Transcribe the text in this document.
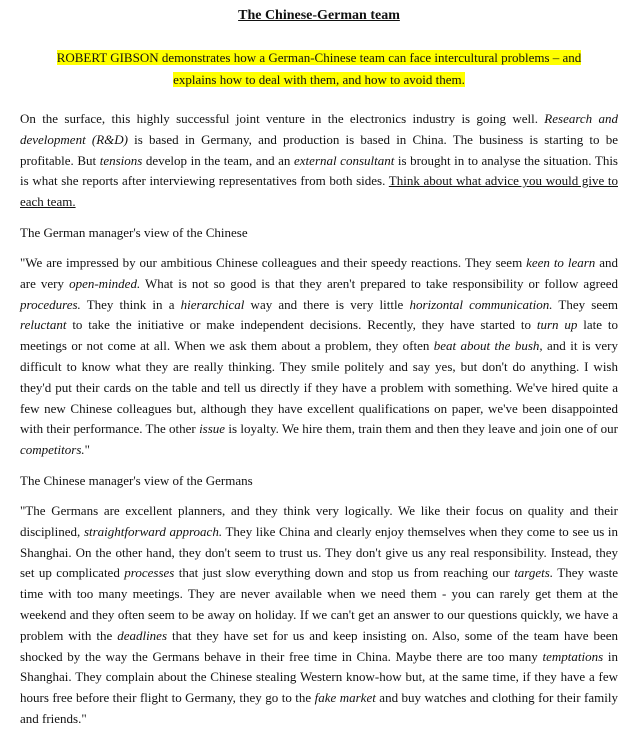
The Chinese-German team
ROBERT GIBSON demonstrates how a German-Chinese team can face intercultural problems – and
explains how to deal with them, and how to avoid them.

On the surface, this highly successful joint venture in the electronics industry is going well. Research and development (R&D) is based in Germany, and production is based in China. The business is starting to be profitable. But tensions develop in the team, and an external consultant is brought in to analyse the situation. This is what she reports after interviewing representatives from both sides. Think about what advice you would give to each team.

The German manager's view of the Chinese

"We are impressed by our ambitious Chinese colleagues and their speedy reactions. They seem keen to learn and are very open-minded. What is not so good is that they aren't prepared to take responsibility or follow agreed procedures. They think in a hierarchical way and there is very little horizontal communication. They seem reluctant to take the initiative or make independent decisions. Recently, they have started to turn up late to meetings or not come at all. When we ask them about a problem, they often beat about the bush, and it is very difficult to know what they are really thinking. They smile politely and say yes, but don't do anything. I wish they'd put their cards on the table and tell us directly if they have a problem with something. We've hired quite a few new Chinese colleagues but, although they have excellent qualifications on paper, we've been disappointed with their performance. The other issue is loyalty. We hire them, train them and then they leave and join one of our competitors."

The Chinese manager's view of the Germans

"The Germans are excellent planners, and they think very logically. We like their focus on quality and their disciplined, straightforward approach. They like China and clearly enjoy themselves when they come to see us in Shanghai. On the other hand, they don't seem to trust us. They don't give us any real responsibility. Instead, they set up complicated processes that just slow everything down and stop us from reaching our targets. They waste time with too many meetings. They are never available when we need them - you can rarely get them at the weekend and they often seem to be away on holiday. If we can't get an answer to our questions quickly, we have a problem with the deadlines that they have set for us and keep insisting on. Also, some of the team have been shocked by the way the Germans behave in their free time in China. Maybe there are too many temptations in Shanghai. They complain about the Chinese stealing Western know-how but, at the same time, if they have a few hours free before their flight to Germany, they go to the fake market and buy watches and clothing for their family and friends."
